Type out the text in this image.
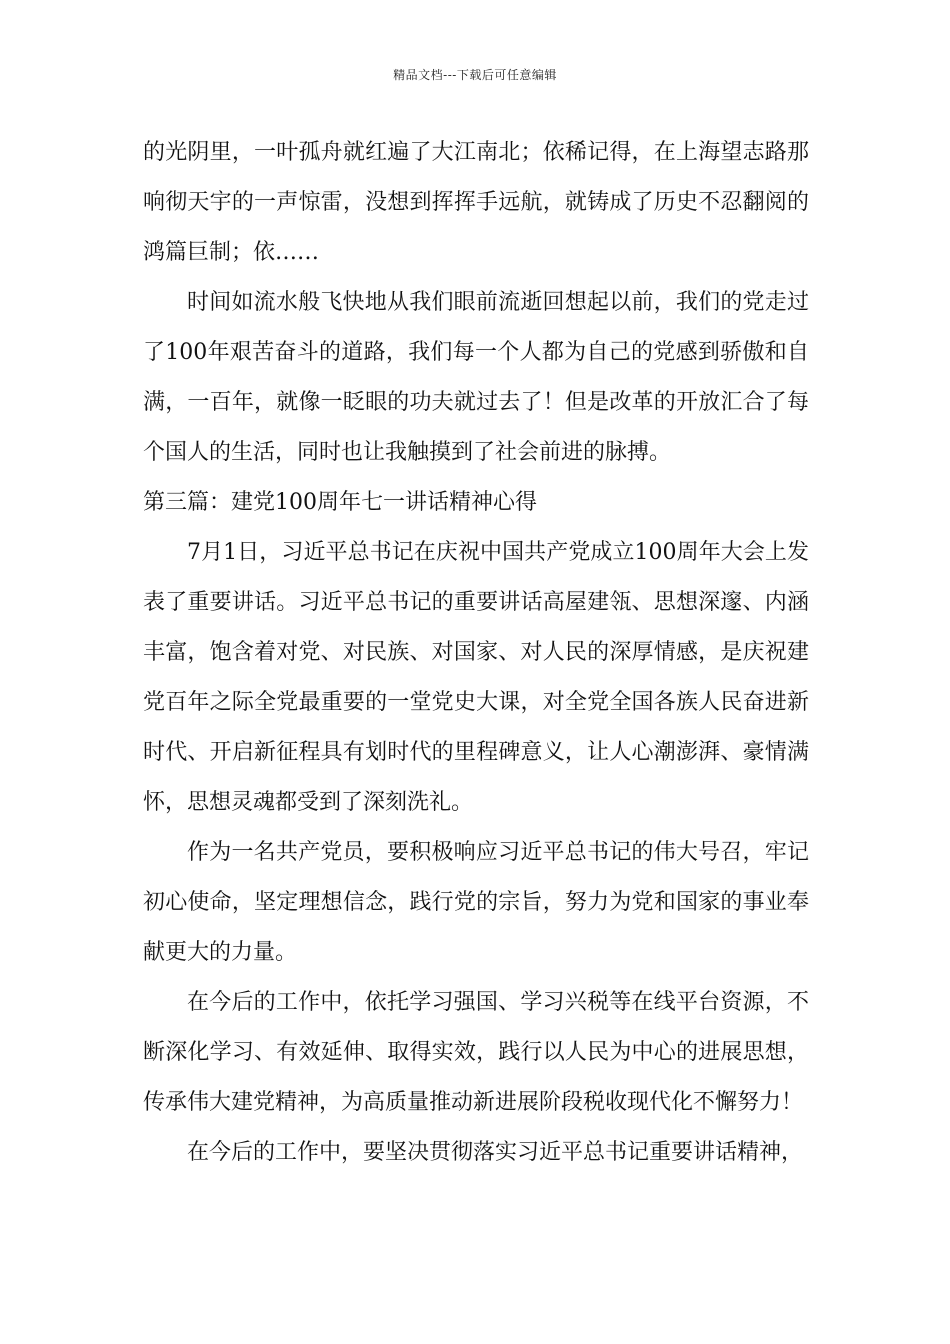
精品文档---下载后可任意编辑

的光阴里，一叶孤舟就红遍了大江南北；依稀记得，在上海望志路那响彻天宇的一声惊雷，没想到挥挥手远航，就铸成了历史不忍翻阅的鸿篇巨制；依……

时间如流水般飞快地从我们眼前流逝回想起以前，我们的党走过了100年艰苦奋斗的道路，我们每一个人都为自己的党感到骄傲和自满，一百年，就像一眨眼的功夫就过去了！但是改革的开放汇合了每个国人的生活，同时也让我触摸到了社会前进的脉搏。

第三篇：建党100周年七一讲话精神心得

7月1日，习近平总书记在庆祝中国共产党成立100周年大会上发表了重要讲话。习近平总书记的重要讲话高屋建瓴、思想深邃、内涵丰富，饱含着对党、对民族、对国家、对人民的深厚情感，是庆祝建党百年之际全党最重要的一堂党史大课，对全党全国各族人民奋进新时代、开启新征程具有划时代的里程碑意义，让人心潮澎湃、豪情满怀，思想灵魂都受到了深刻洗礼。

作为一名共产党员，要积极响应习近平总书记的伟大号召，牢记初心使命，坚定理想信念，践行党的宗旨，努力为党和国家的事业奉献更大的力量。

在今后的工作中，依托学习强国、学习兴税等在线平台资源，不断深化学习、有效延伸、取得实效，践行以人民为中心的进展思想，传承伟大建党精神，为高质量推动新进展阶段税收现代化不懈努力！

在今后的工作中，要坚决贯彻落实习近平总书记重要讲话精神，
